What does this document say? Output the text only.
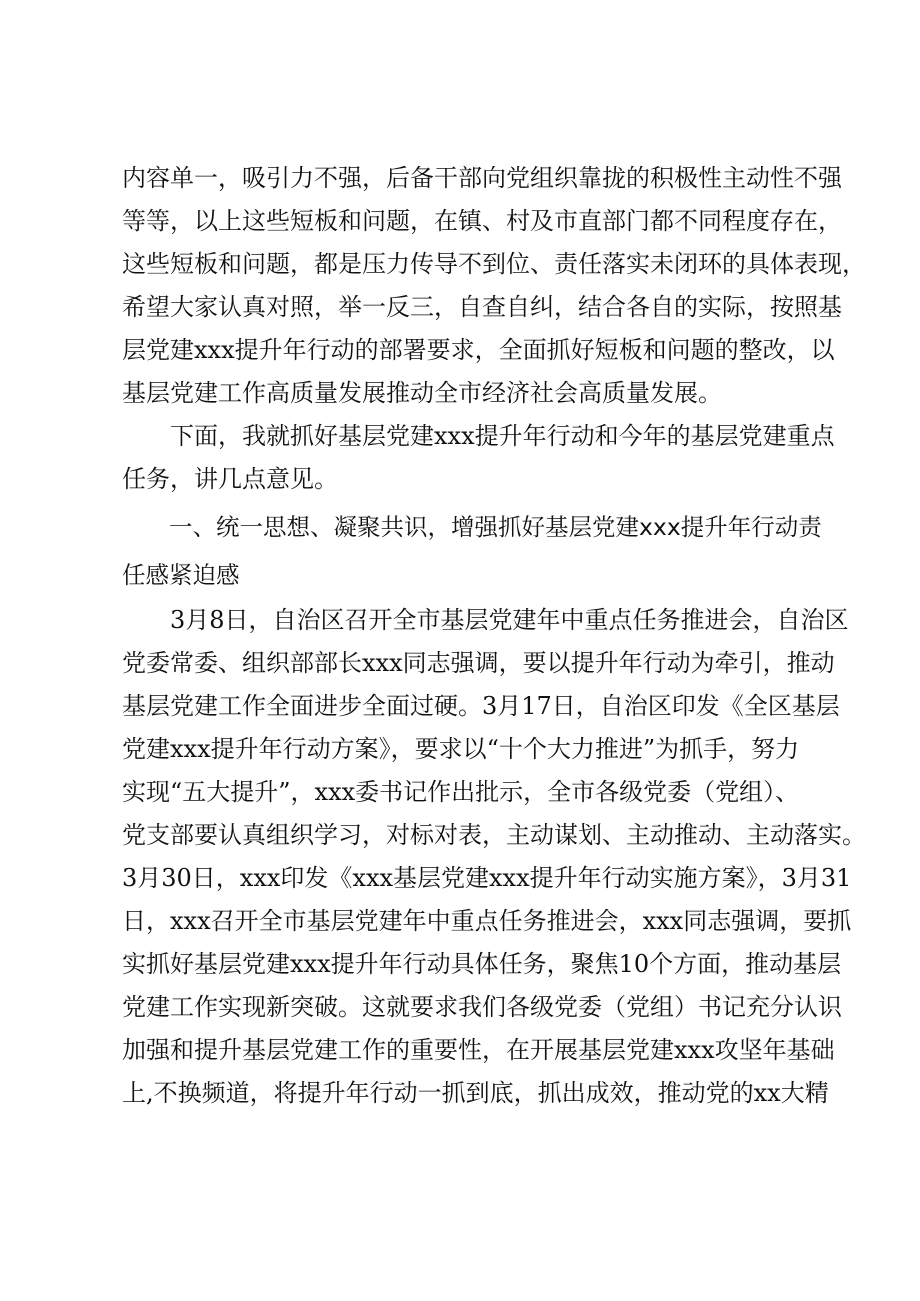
内容单一，吸引力不强，后备干部向党组织靠拢的积极性主动性不强
等等，以上这些短板和问题，在镇、村及市直部门都不同程度存在，
这些短板和问题，都是压力传导不到位、责任落实未闭环的具体表现，
希望大家认真对照，举一反三，自查自纠，结合各自的实际，按照基
层党建xxx提升年行动的部署要求，全面抓好短板和问题的整改，以
基层党建工作高质量发展推动全市经济社会高质量发展。
　　下面，我就抓好基层党建xxx提升年行动和今年的基层党建重点
任务，讲几点意见。
　　一、统一思想、凝聚共识，增强抓好基层党建xxx提升年行动责
任感紧迫感
　　3月8日，自治区召开全市基层党建年中重点任务推进会，自治区
党委常委、组织部部长xxx同志强调，要以提升年行动为牵引，推动
基层党建工作全面进步全面过硬。3月17日，自治区印发《全区基层
党建xxx提升年行动方案》，要求以“十个大力推进”为抓手，努力
实现“五大提升”，xxx委书记作出批示，全市各级党委（党组）、
党支部要认真组织学习，对标对表，主动谋划、主动推动、主动落实。
3月30日，xxx印发《xxx基层党建xxx提升年行动实施方案》，3月31
日，xxx召开全市基层党建年中重点任务推进会，xxx同志强调，要抓
实抓好基层党建xxx提升年行动具体任务，聚焦10个方面，推动基层
党建工作实现新突破。这就要求我们各级党委（党组）书记充分认识
加强和提升基层党建工作的重要性，在开展基层党建xxx攻坚年基础
上,不换频道，将提升年行动一抓到底，抓出成效，推动党的xx大精
